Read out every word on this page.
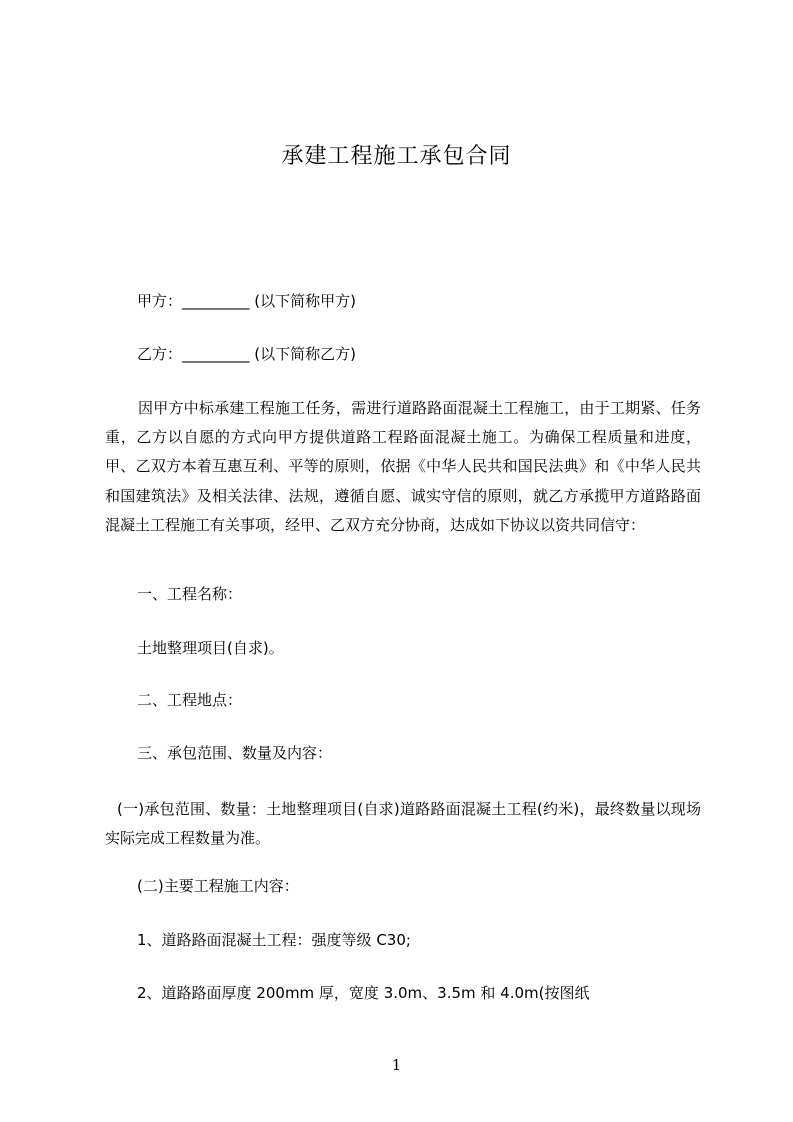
承建工程施工承包合同
甲方：_________ (以下简称甲方)
乙方：_________ (以下简称乙方)
因甲方中标承建工程施工任务，需进行道路路面混凝土工程施工，由于工期紧、任务重，乙方以自愿的方式向甲方提供道路工程路面混凝土施工。为确保工程质量和进度，甲、乙双方本着互惠互利、平等的原则，依据《中华人民共和国民法典》和《中华人民共和国建筑法》及相关法律、法规，遵循自愿、诚实守信的原则，就乙方承揽甲方道路路面混凝土工程施工有关事项，经甲、乙双方充分协商，达成如下协议以资共同信守：
一、工程名称：
土地整理项目(自求)。
二、工程地点：
三、承包范围、数量及内容：
(一)承包范围、数量：土地整理项目(自求)道路路面混凝土工程(约米)，最终数量以现场实际完成工程数量为准。
(二)主要工程施工内容：
1、道路路面混凝土工程：强度等级 C30;
2、道路路面厚度 200mm 厚，宽度 3.0m、3.5m 和 4.0m(按图纸
1
